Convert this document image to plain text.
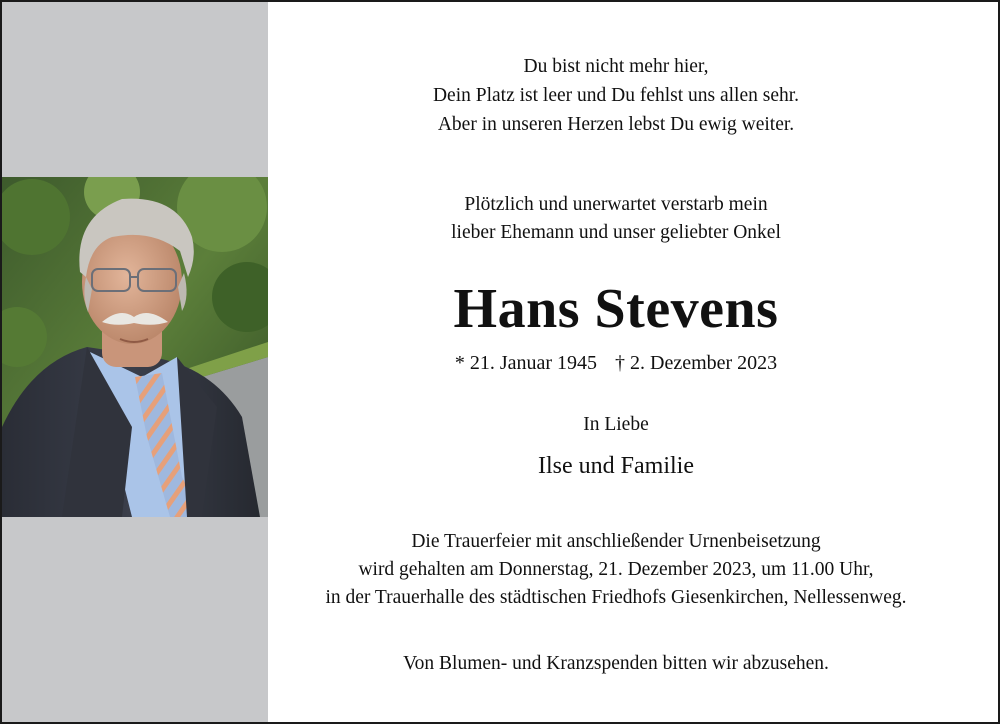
Du bist nicht mehr hier,
Dein Platz ist leer und Du fehlst uns allen sehr.
Aber in unseren Herzen lebst Du ewig weiter.
Plötzlich und unerwartet verstarb mein
lieber Ehemann und unser geliebter Onkel
Hans Stevens
* 21. Januar 1945 † 2. Dezember 2023
In Liebe
Ilse und Familie
Die Trauerfeier mit anschließender Urnenbeisetzung
wird gehalten am Donnerstag, 21. Dezember 2023, um 11.00 Uhr,
in der Trauerhalle des städtischen Friedhofs Giesenkirchen, Nellessenweg.
Von Blumen- und Kranzspenden bitten wir abzusehen.
